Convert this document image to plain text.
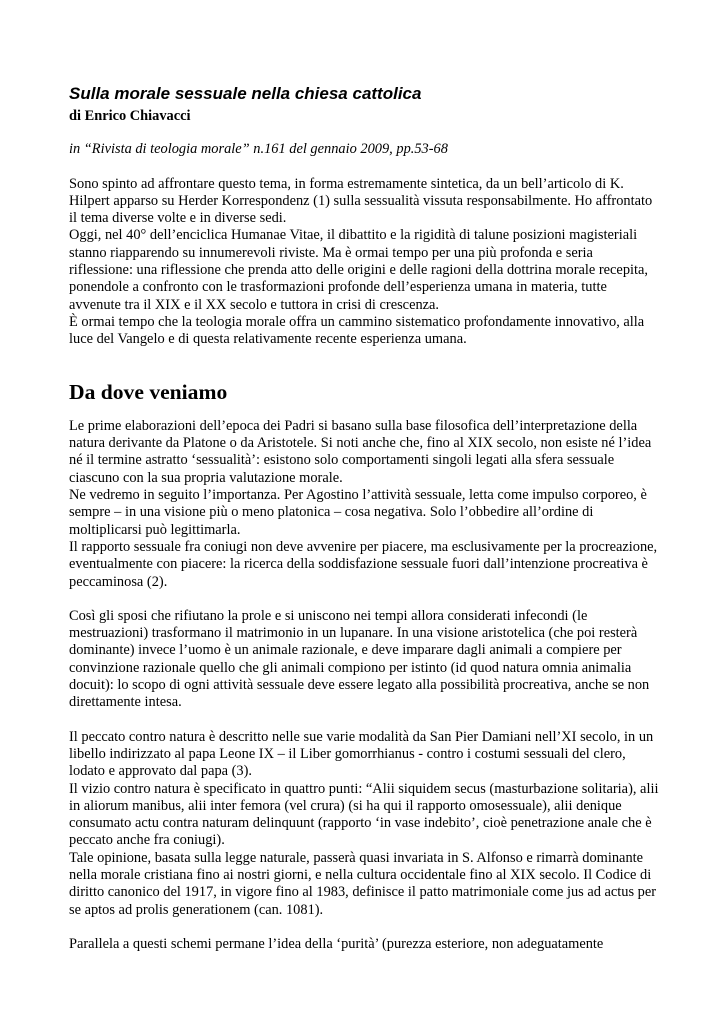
Sulla morale sessuale nella chiesa cattolica

di Enrico Chiavacci

in “Rivista di teologia morale” n.161 del gennaio 2009, pp.53-68

Sono spinto ad affrontare questo tema, in forma estremamente sintetica, da un bell’articolo di K. Hilpert apparso su Herder Korrespondenz (1) sulla sessualità vissuta responsabilmente. Ho affrontato il tema diverse volte e in diverse sedi.

Oggi, nel 40° dell’enciclica Humanae Vitae, il dibattito e la rigidità di talune posizioni magisteriali stanno riapparendo su innumerevoli riviste. Ma è ormai tempo per una più profonda e seria riflessione: una riflessione che prenda atto delle origini e delle ragioni della dottrina morale recepita, ponendole a confronto con le trasformazioni profonde dell’esperienza umana in materia, tutte avvenute tra il XIX e il XX secolo e tuttora in crisi di crescenza.

È ormai tempo che la teologia morale offra un cammino sistematico profondamente innovativo, alla luce del Vangelo e di questa relativamente recente esperienza umana.

Da dove veniamo

Le prime elaborazioni dell’epoca dei Padri si basano sulla base filosofica dell’interpretazione della natura derivante da Platone o da Aristotele. Si noti anche che, fino al XIX secolo, non esiste né l’idea né il termine astratto ‘sessualità’: esistono solo comportamenti singoli legati alla sfera sessuale ciascuno con la sua propria valutazione morale.

Ne vedremo in seguito l’importanza. Per Agostino l’attività sessuale, letta come impulso corporeo, è sempre – in una visione più o meno platonica – cosa negativa. Solo l’obbedire all’ordine di moltiplicarsi può legittimarla.

Il rapporto sessuale fra coniugi non deve avvenire per piacere, ma esclusivamente per la procreazione, eventualmente con piacere: la ricerca della soddisfazione sessuale fuori dall’intenzione procreativa è peccaminosa (2).

Così gli sposi che rifiutano la prole e si uniscono nei tempi allora considerati infecondi (le mestruazioni) trasformano il matrimonio in un lupanare. In una visione aristotelica (che poi resterà dominante) invece l’uomo è un animale razionale, e deve imparare dagli animali a compiere per convinzione razionale quello che gli animali compiono per istinto (id quod natura omnia animalia docuit): lo scopo di ogni attività sessuale deve essere legato alla possibilità procreativa, anche se non direttamente intesa.

Il peccato contro natura è descritto nelle sue varie modalità da San Pier Damiani nell’XI secolo, in un libello indirizzato al papa Leone IX – il Liber gomorrhianus - contro i costumi sessuali del clero, lodato e approvato dal papa (3).

Il vizio contro natura è specificato in quattro punti: “Alii siquidem secus (masturbazione solitaria), alii in aliorum manibus, alii inter femora (vel crura) (si ha qui il rapporto omosessuale), alii denique consumato actu contra naturam delinquunt (rapporto ‘in vase indebito’, cioè penetrazione anale che è peccato anche fra coniugi).

Tale opinione, basata sulla legge naturale, passerà quasi invariata in S. Alfonso e rimarrà dominante nella morale cristiana fino ai nostri giorni, e nella cultura occidentale fino al XIX secolo. Il Codice di diritto canonico del 1917, in vigore fino al 1983, definisce il patto matrimoniale come jus ad actus per se aptos ad prolis generationem (can. 1081).

Parallela a questi schemi permane l’idea della ‘purità’ (purezza esteriore, non adeguatamente
